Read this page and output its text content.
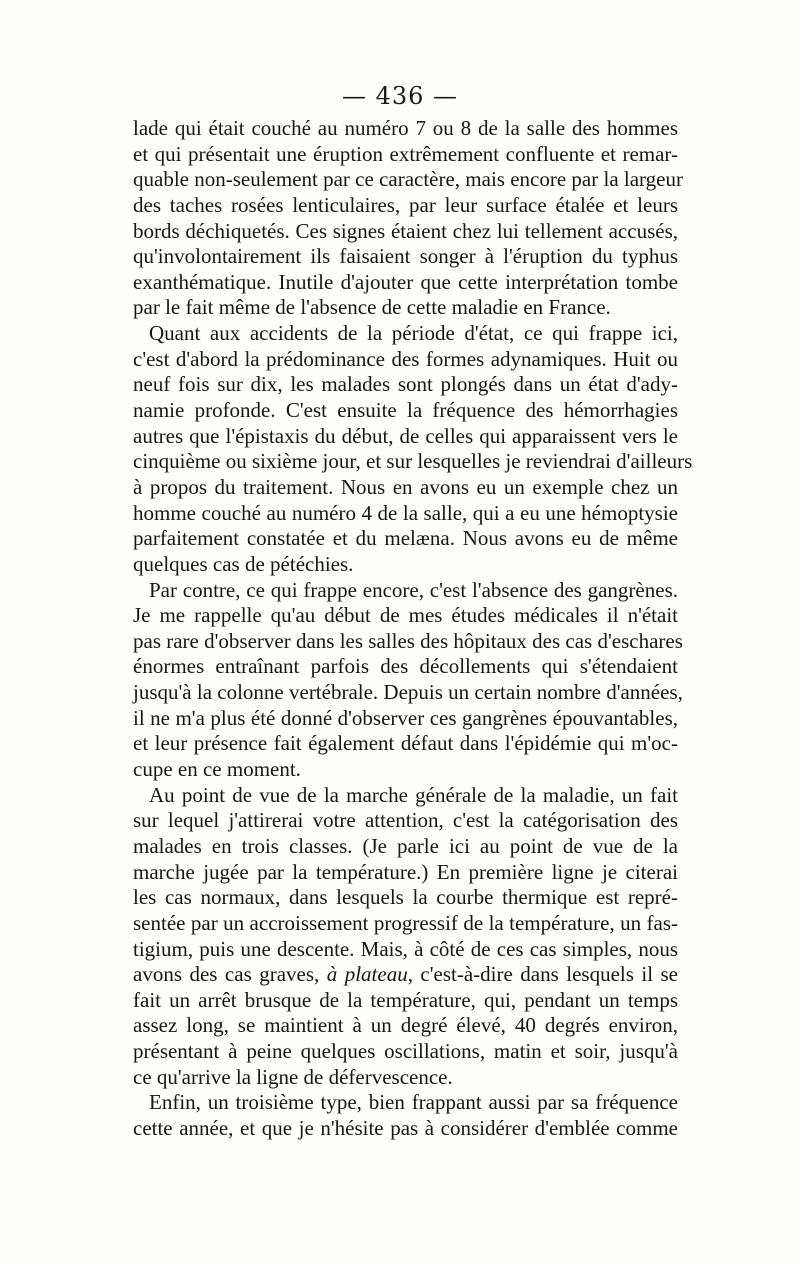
— 436 —
lade qui était couché au numéro 7 ou 8 de la salle des hommes
et qui présentait une éruption extrêmement confluente et remar-
quable non-seulement par ce caractère, mais encore par la largeur
des taches rosées lenticulaires, par leur surface étalée et leurs
bords déchiquetés. Ces signes étaient chez lui tellement accusés,
qu'involontairement ils faisaient songer à l'éruption du typhus
exanthématique. Inutile d'ajouter que cette interprétation tombe
par le fait même de l'absence de cette maladie en France.
Quant aux accidents de la période d'état, ce qui frappe ici,
c'est d'abord la prédominance des formes adynamiques. Huit ou
neuf fois sur dix, les malades sont plongés dans un état d'ady-
namie profonde. C'est ensuite la fréquence des hémorrhagies
autres que l'épistaxis du début, de celles qui apparaissent vers le
cinquième ou sixième jour, et sur lesquelles je reviendrai d'ailleurs
à propos du traitement. Nous en avons eu un exemple chez un
homme couché au numéro 4 de la salle, qui a eu une hémoptysie
parfaitement constatée et du melæna. Nous avons eu de même
quelques cas de pétéchies.
Par contre, ce qui frappe encore, c'est l'absence des gangrènes.
Je me rappelle qu'au début de mes études médicales il n'était
pas rare d'observer dans les salles des hôpitaux des cas d'eschares
énormes entraînant parfois des décollements qui s'étendaient
jusqu'à la colonne vertébrale. Depuis un certain nombre d'années,
il ne m'a plus été donné d'observer ces gangrènes épouvantables,
et leur présence fait également défaut dans l'épidémie qui m'oc-
cupe en ce moment.
Au point de vue de la marche générale de la maladie, un fait
sur lequel j'attirerai votre attention, c'est la catégorisation des
malades en trois classes. (Je parle ici au point de vue de la
marche jugée par la température.) En première ligne je citerai
les cas normaux, dans lesquels la courbe thermique est repré-
sentée par un accroissement progressif de la température, un fas-
tigium, puis une descente. Mais, à côté de ces cas simples, nous
avons des cas graves, à plateau, c'est-à-dire dans lesquels il se
fait un arrêt brusque de la température, qui, pendant un temps
assez long, se maintient à un degré élevé, 40 degrés environ,
présentant à peine quelques oscillations, matin et soir, jusqu'à
ce qu'arrive la ligne de défervescence.
Enfin, un troisième type, bien frappant aussi par sa fréquence
cette année, et que je n'hésite pas à considérer d'emblée comme
